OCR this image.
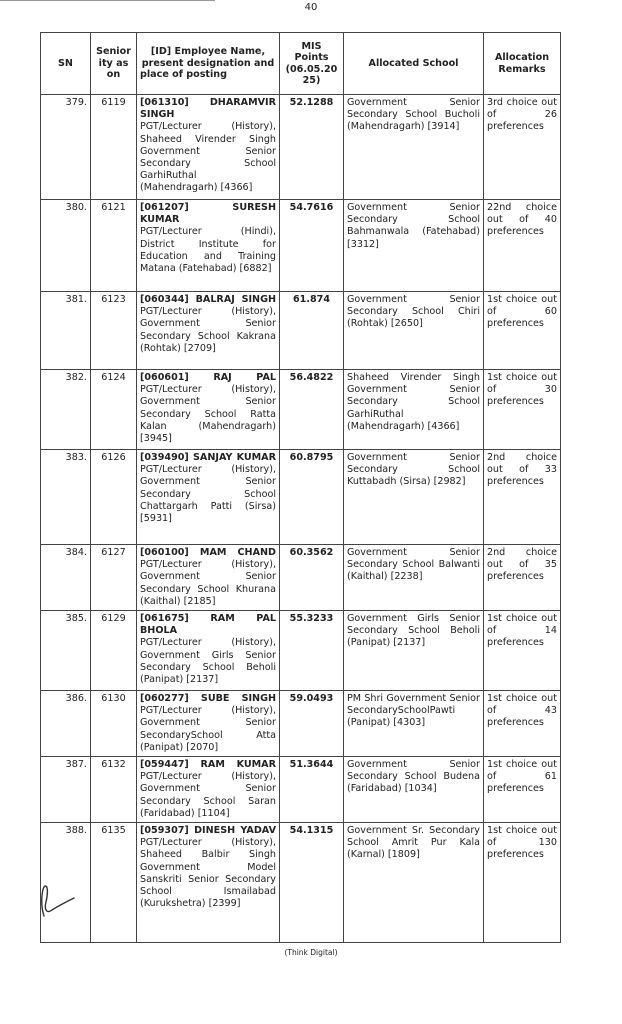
40
SN	Senior ity as on	[ID] Employee Name, present designation and place of posting	MIS Points (06.05.20 25)	Allocated School	Allocation Remarks
379.	6119	[061310] DHARAMVIR SINGH
PGT/Lecturer (History), Shaheed Virender Singh Government Senior Secondary School GarhiRuthal (Mahendragarh) [4366]	52.1288	Government Senior Secondary School Bucholi (Mahendragarh) [3914]	3rd choice out of 26 preferences
380.	6121	[061207] SURESH KUMAR
PGT/Lecturer (Hindi), District Institute for Education and Training Matana (Fatehabad) [6882]	54.7616	Government Senior Secondary School Bahmanwala (Fatehabad) [3312]	22nd choice out of 40 preferences
381.	6123	[060344] BALRAJ SINGH
PGT/Lecturer (History), Government Senior Secondary School Kakrana (Rohtak) [2709]	61.874	Government Senior Secondary School Chiri (Rohtak) [2650]	1st choice out of 60 preferences
382.	6124	[060601] RAJ PAL
PGT/Lecturer (History), Government Senior Secondary School Ratta Kalan (Mahendragarh) [3945]	56.4822	Shaheed Virender Singh Government Senior Secondary School GarhiRuthal (Mahendragarh) [4366]	1st choice out of 30 preferences
383.	6126	[039490] SANJAY KUMAR
PGT/Lecturer (History), Government Senior Secondary School Chattargarh Patti (Sirsa) [5931]	60.8795	Government Senior Secondary School Kuttabadh (Sirsa) [2982]	2nd choice out of 33 preferences
384.	6127	[060100] MAM CHAND
PGT/Lecturer (History), Government Senior Secondary School Khurana (Kaithal) [2185]	60.3562	Government Senior Secondary School Balwanti (Kaithal) [2238]	2nd choice out of 35 preferences
385.	6129	[061675] RAM PAL BHOLA
PGT/Lecturer (History), Government Girls Senior Secondary School Beholi (Panipat) [2137]	55.3233	Government Girls Senior Secondary School Beholi (Panipat) [2137]	1st choice out of 14 preferences
386.	6130	[060277] SUBE SINGH
PGT/Lecturer (History), Government Senior SecondarySchool Atta (Panipat) [2070]	59.0493	PM Shri Government Senior SecondarySchoolPawti (Panipat) [4303]	1st choice out of 43 preferences
387.	6132	[059447] RAM KUMAR
PGT/Lecturer (History), Government Senior Secondary School Saran (Faridabad) [1104]	51.3644	Government Senior Secondary School Budena (Faridabad) [1034]	1st choice out of 61 preferences
388.	6135	[059307] DINESH YADAV
PGT/Lecturer (History), Shaheed Balbir Singh Government Model Sanskriti Senior Secondary School Ismailabad (Kurukshetra) [2399]	54.1315	Government Sr. Secondary School Amrit Pur Kala (Karnal) [1809]	1st choice out of 130 preferences
(Think Digital)
